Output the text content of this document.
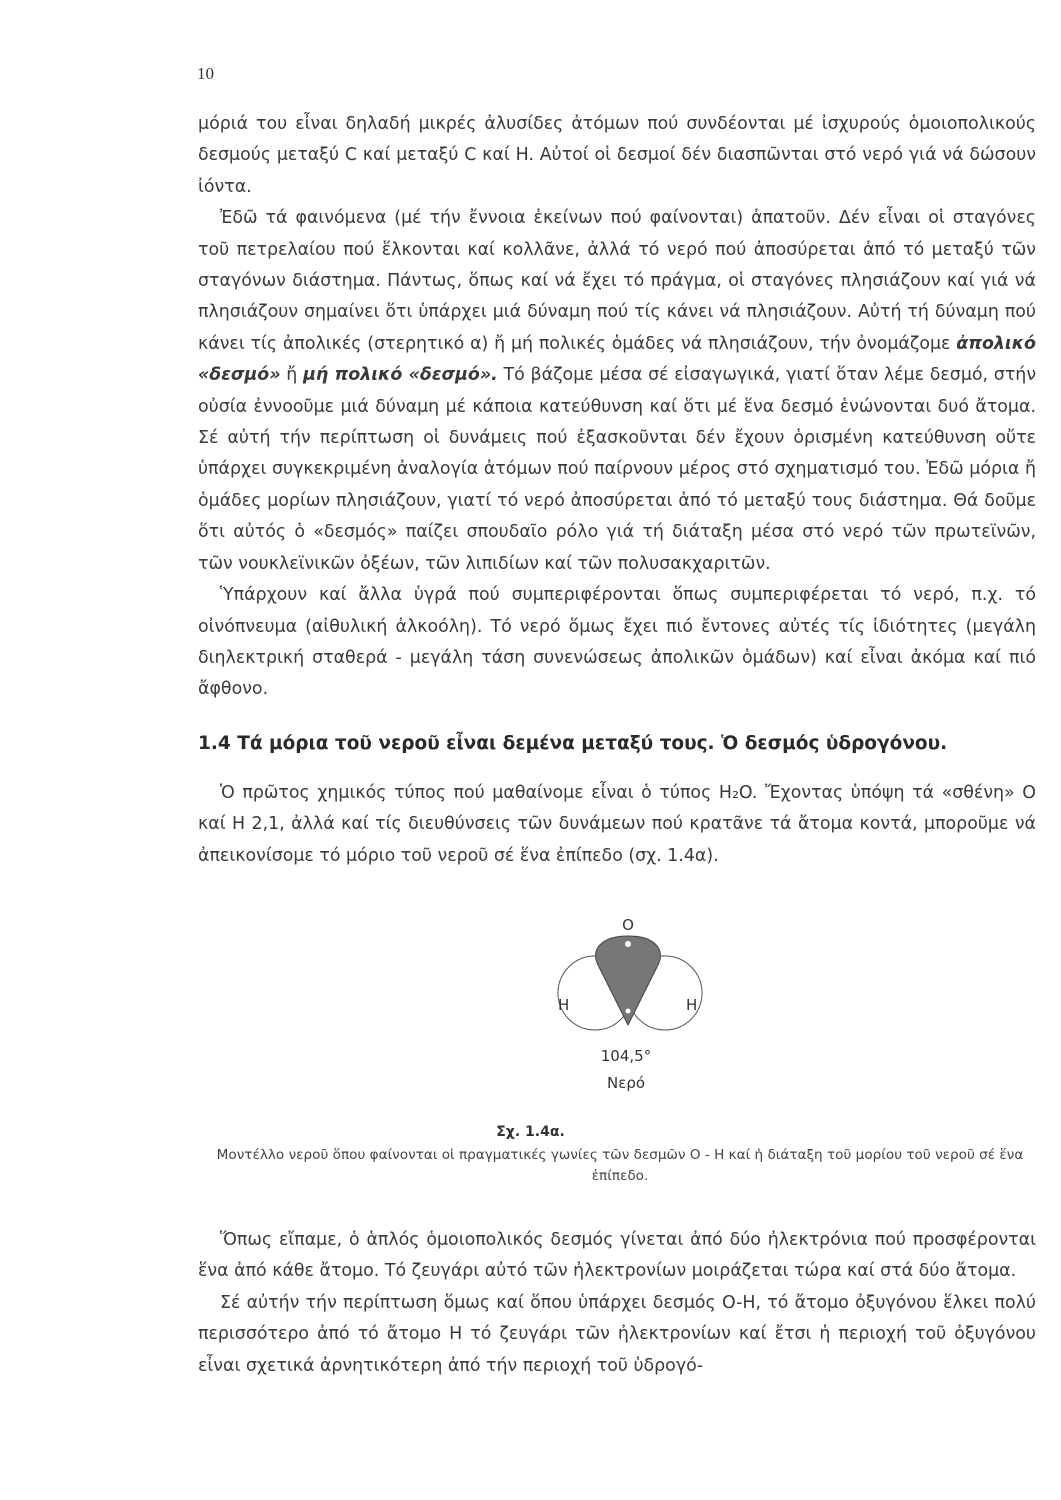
10

μόριά του εἶναι δηλαδή μικρές ἀλυσίδες ἀτόμων πού συνδέονται μέ ἰσχυρούς ὁμοιοπολικούς δεσμούς μεταξύ C καί μεταξύ C καί H. Αὐτοί οἱ δεσμοί δέν διασπῶνται στό νερό γιά νά δώσουν ἰόντα.

Ἐδῶ τά φαινόμενα (μέ τήν ἔννοια ἐκείνων πού φαίνονται) ἀπατοῦν. Δέν εἶναι οἱ σταγόνες τοῦ πετρελαίου πού ἕλκονται καί κολλᾶνε, ἀλλά τό νερό πού ἀποσύρεται ἀπό τό μεταξύ τῶν σταγόνων διάστημα. Πάντως, ὅπως καί νά ἔχει τό πράγμα, οἱ σταγόνες πλησιάζουν καί γιά νά πλησιάζουν σημαίνει ὅτι ὑπάρχει μιά δύναμη πού τίς κάνει νά πλησιάζουν. Αὐτή τή δύναμη πού κάνει τίς ἀπολικές (στερητικό α) ἤ μή πολικές ὁμάδες νά πλησιάζουν, τήν ὀνομάζομε ἀπολικό «δεσμό» ἤ μή πολικό «δεσμό». Τό βάζομε μέσα σέ εἰσαγωγικά, γιατί ὅταν λέμε δεσμό, στήν οὐσία ἐννοοῦμε μιά δύναμη μέ κάποια κατεύθυνση καί ὅτι μέ ἕνα δεσμό ἑνώνονται δυό ἄτομα. Σέ αὐτή τήν περίπτωση οἱ δυνάμεις πού ἐξασκοῦνται δέν ἔχουν ὁρισμένη κατεύθυνση οὔτε ὑπάρχει συγκεκριμένη ἀναλογία ἀτόμων πού παίρνουν μέρος στό σχηματισμό του. Ἐδῶ μόρια ἤ ὁμάδες μορίων πλησιάζουν, γιατί τό νερό ἀποσύρεται ἀπό τό μεταξύ τους διάστημα. Θά δοῦμε ὅτι αὐτός ὁ «δεσμός» παίζει σπουδαῖο ρόλο γιά τή διάταξη μέσα στό νερό τῶν πρωτεϊνῶν, τῶν νουκλεϊνικῶν ὀξέων, τῶν λιπιδίων καί τῶν πολυσακχαριτῶν.

Ὑπάρχουν καί ἄλλα ὑγρά πού συμπεριφέρονται ὅπως συμπεριφέρεται τό νερό, π.χ. τό οἰνόπνευμα (αἰθυλική ἀλκοόλη). Τό νερό ὅμως ἔχει πιό ἔντονες αὐτές τίς ἰδιότητες (μεγάλη διηλεκτρική σταθερά - μεγάλη τάση συνενώσεως ἀπολικῶν ὁμάδων) καί εἶναι ἀκόμα καί πιό ἄφθονο.

1.4 Τά μόρια τοῦ νεροῦ εἶναι δεμένα μεταξύ τους. Ὁ δεσμός ὑδρογόνου.

Ὁ πρῶτος χημικός τύπος πού μαθαίνομε εἶναι ὁ τύπος H₂O. Ἔχοντας ὑπόψη τά «σθένη» O καί H 2,1, ἀλλά καί τίς διευθύνσεις τῶν δυνάμεων πού κρατᾶνε τά ἄτομα κοντά, μποροῦμε νά ἀπεικονίσομε τό μόριο τοῦ νεροῦ σέ ἕνα ἐπίπεδο (σχ. 1.4α).

O
H	H
104,5°
Νερό
Σχ. 1.4α.
Μοντέλλο νεροῦ ὅπου φαίνονται οἱ πραγματικές γωνίες τῶν δεσμῶν O - H καί ἡ διάταξη τοῦ μορίου τοῦ νεροῦ σέ ἕνα ἐπίπεδο.

Ὅπως εἴπαμε, ὁ ἁπλός ὁμοιοπολικός δεσμός γίνεται ἀπό δύο ἠλεκτρόνια πού προσφέρονται ἕνα ἀπό κάθε ἄτομο. Τό ζευγάρι αὐτό τῶν ἠλεκτρονίων μοιράζεται τώρα καί στά δύο ἄτομα.

Σέ αὐτήν τήν περίπτωση ὅμως καί ὅπου ὑπάρχει δεσμός O-H, τό ἄτομο ὀξυγόνου ἕλκει πολύ περισσότερο ἀπό τό ἄτομο H τό ζευγάρι τῶν ἠλεκτρονίων καί ἔτσι ἡ περιοχή τοῦ ὀξυγόνου εἶναι σχετικά ἀρνητικότερη ἀπό τήν περιοχή τοῦ ὑδρογό-
